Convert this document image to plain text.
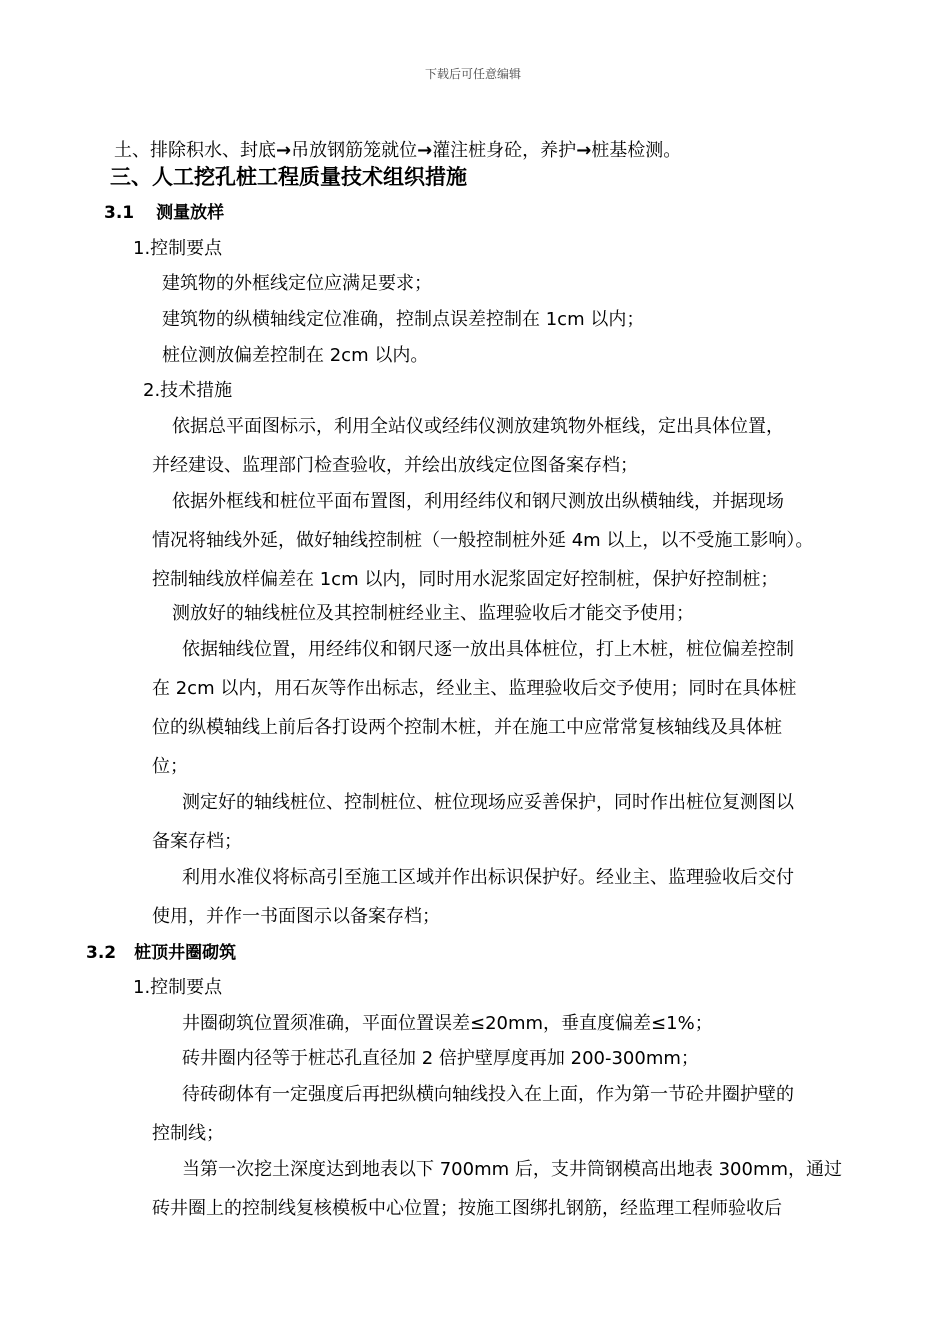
下载后可任意编辑
土、排除积水、封底→吊放钢筋笼就位→灌注桩身砼，养护→桩基检测。
三、人工挖孔桩工程质量技术组织措施
3.1 测量放样
1.控制要点
建筑物的外框线定位应满足要求；
建筑物的纵横轴线定位准确，控制点误差控制在 1cm 以内；
桩位测放偏差控制在 2cm 以内。
2.技术措施
依据总平面图标示，利用全站仪或经纬仪测放建筑物外框线，定出具体位置，
并经建设、监理部门检查验收，并绘出放线定位图备案存档；
依据外框线和桩位平面布置图，利用经纬仪和钢尺测放出纵横轴线，并据现场
情况将轴线外延，做好轴线控制桩（一般控制桩外延 4m 以上，以不受施工影响）。
控制轴线放样偏差在 1cm 以内，同时用水泥浆固定好控制桩，保护好控制桩；
测放好的轴线桩位及其控制桩经业主、监理验收后才能交予使用；
依据轴线位置，用经纬仪和钢尺逐一放出具体桩位，打上木桩，桩位偏差控制
在 2cm 以内，用石灰等作出标志，经业主、监理验收后交予使用；同时在具体桩
位的纵模轴线上前后各打设两个控制木桩，并在施工中应常常复核轴线及具体桩
位；
测定好的轴线桩位、控制桩位、桩位现场应妥善保护，同时作出桩位复测图以
备案存档；
利用水准仪将标高引至施工区域并作出标识保护好。经业主、监理验收后交付
使用，并作一书面图示以备案存档；
3.2 桩顶井圈砌筑
1.控制要点
井圈砌筑位置须准确，平面位置误差≤20mm，垂直度偏差≤1%；
砖井圈内径等于桩芯孔直径加 2 倍护壁厚度再加 200-300mm；
待砖砌体有一定强度后再把纵横向轴线投入在上面，作为第一节砼井圈护壁的
控制线；
当第一次挖土深度达到地表以下 700mm 后，支井筒钢模高出地表 300mm，通过
砖井圈上的控制线复核模板中心位置；按施工图绑扎钢筋，经监理工程师验收后
